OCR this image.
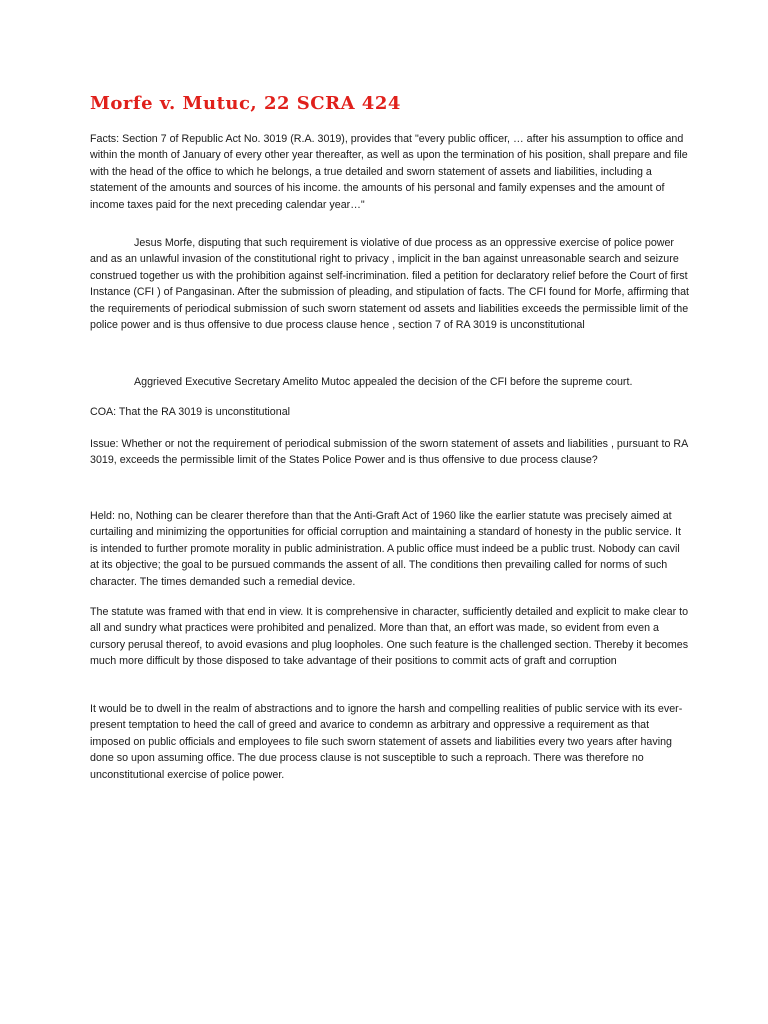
Morfe v. Mutuc, 22 SCRA 424

Facts: Section 7 of Republic Act No. 3019 (R.A. 3019), provides that "every public officer, … after his assumption to office and within the month of January of every other year thereafter, as well as upon the termination of his position, shall prepare and file with the head of the office to which he belongs, a true detailed and sworn statement of assets and liabilities, including a statement of the amounts and sources of his income. the amounts of his personal and family expenses and the amount of income taxes paid for the next preceding calendar year…"

Jesus Morfe, disputing that such requirement is violative of due process as an oppressive exercise of police power and as an unlawful invasion of the constitutional right to privacy , implicit in the ban against unreasonable search and seizure construed together us with the prohibition against self-incrimination. filed a petition for declaratory relief before the Court of first Instance (CFI ) of Pangasinan. After the submission of pleading, and stipulation of facts. The CFI found for Morfe, affirming that the requirements of periodical submission of such sworn statement od assets and liabilities exceeds the permissible limit of the police power and is thus offensive to due process clause hence , section 7 of RA 3019 is unconstitutional

Aggrieved Executive Secretary Amelito Mutoc appealed the decision of the CFI before the supreme court.

COA: That the RA 3019 is unconstitutional

Issue: Whether or not the requirement of periodical submission of the sworn statement of assets and liabilities , pursuant to RA 3019, exceeds the permissible limit of the States Police Power and is thus offensive to due process clause?

Held: no, Nothing can be clearer therefore than that the Anti-Graft Act of 1960 like the earlier statute was precisely aimed at curtailing and minimizing the opportunities for official corruption and maintaining a standard of honesty in the public service. It is intended to further promote morality in public administration. A public office must indeed be a public trust. Nobody can cavil at its objective; the goal to be pursued commands the assent of all. The conditions then prevailing called for norms of such character. The times demanded such a remedial device.

The statute was framed with that end in view. It is comprehensive in character, sufficiently detailed and explicit to make clear to all and sundry what practices were prohibited and penalized. More than that, an effort was made, so evident from even a cursory perusal thereof, to avoid evasions and plug loopholes. One such feature is the challenged section. Thereby it becomes much more difficult by those disposed to take advantage of their positions to commit acts of graft and corruption

It would be to dwell in the realm of abstractions and to ignore the harsh and compelling realities of public service with its ever-present temptation to heed the call of greed and avarice to condemn as arbitrary and oppressive a requirement as that imposed on public officials and employees to file such sworn statement of assets and liabilities every two years after having done so upon assuming office. The due process clause is not susceptible to such a reproach. There was therefore no unconstitutional exercise of police power.
